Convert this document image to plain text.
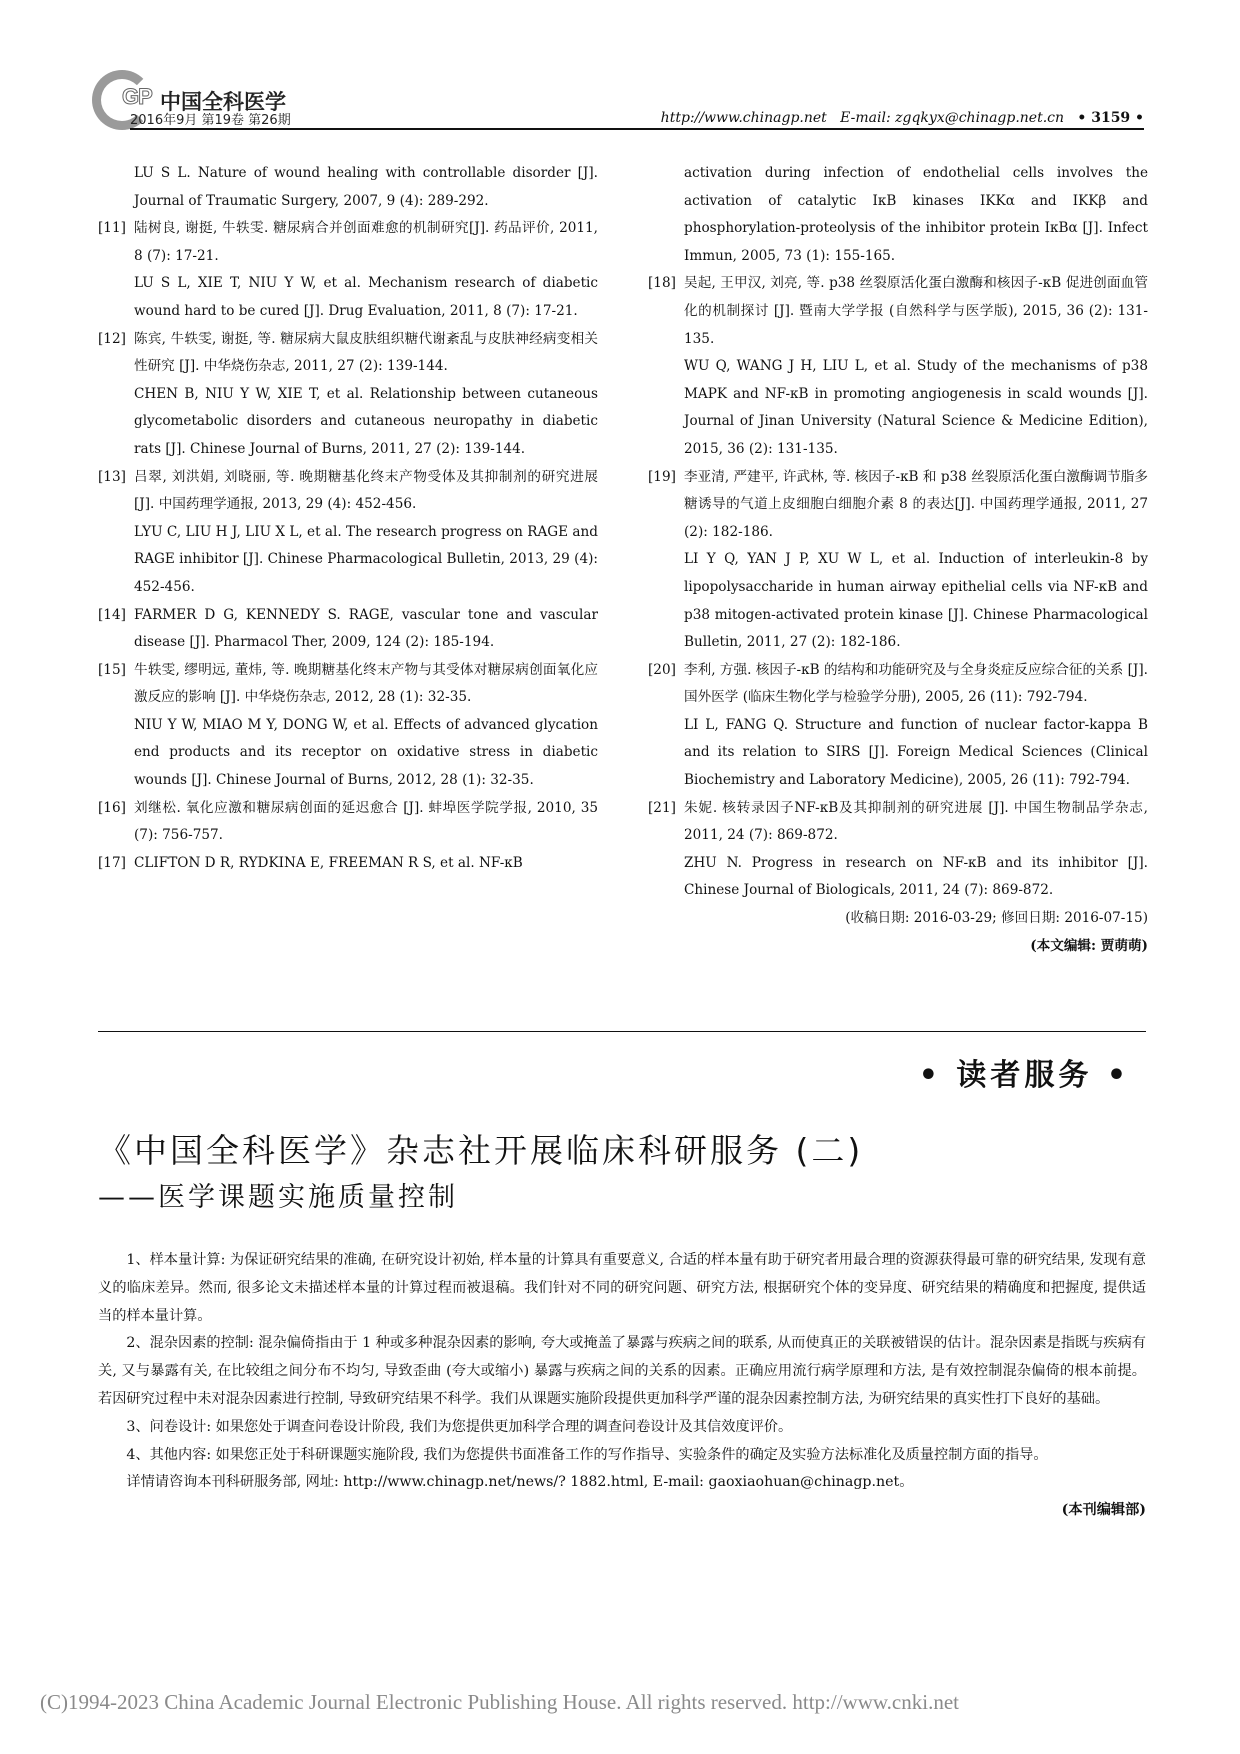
GP 中国全科医学
2016年9月 第19卷 第26期	http://www.chinagp.net E-mail: zgqkyx@chinagp.net.cn • 3159 •

LU S L. Nature of wound healing with controllable disorder [J]. Journal of Traumatic Surgery, 2007, 9 (4): 289-292.

[11] 陆树良, 谢挺, 牛轶雯. 糖尿病合并创面难愈的机制研究[J]. 药品评价, 2011, 8 (7): 17-21.

LU S L, XIE T, NIU Y W, et al. Mechanism research of diabetic wound hard to be cured [J]. Drug Evaluation, 2011, 8 (7): 17-21.

[12] 陈宾, 牛轶雯, 谢挺, 等. 糖尿病大鼠皮肤组织糖代谢紊乱与皮肤神经病变相关性研究 [J]. 中华烧伤杂志, 2011, 27 (2): 139-144.

CHEN B, NIU Y W, XIE T, et al. Relationship between cutaneous glycometabolic disorders and cutaneous neuropathy in diabetic rats [J]. Chinese Journal of Burns, 2011, 27 (2): 139-144.

[13] 吕翠, 刘洪娟, 刘晓丽, 等. 晚期糖基化终末产物受体及其抑制剂的研究进展 [J]. 中国药理学通报, 2013, 29 (4): 452-456.

LYU C, LIU H J, LIU X L, et al. The research progress on RAGE and RAGE inhibitor [J]. Chinese Pharmacological Bulletin, 2013, 29 (4): 452-456.

[14] FARMER D G, KENNEDY S. RAGE, vascular tone and vascular disease [J]. Pharmacol Ther, 2009, 124 (2): 185-194.

[15] 牛轶雯, 缪明远, 董炜, 等. 晚期糖基化终末产物与其受体对糖尿病创面氧化应激反应的影响 [J]. 中华烧伤杂志, 2012, 28 (1): 32-35.

NIU Y W, MIAO M Y, DONG W, et al. Effects of advanced glycation end products and its receptor on oxidative stress in diabetic wounds [J]. Chinese Journal of Burns, 2012, 28 (1): 32-35.

[16] 刘继松. 氧化应激和糖尿病创面的延迟愈合 [J]. 蚌埠医学院学报, 2010, 35 (7): 756-757.

[17] CLIFTON D R, RYDKINA E, FREEMAN R S, et al. NF-κB

activation during infection of endothelial cells involves the activation of catalytic IκB kinases IKKα and IKKβ and phosphorylation-proteolysis of the inhibitor protein IκBα [J]. Infect Immun, 2005, 73 (1): 155-165.

[18] 吴起, 王甲汉, 刘亮, 等. p38 丝裂原活化蛋白激酶和核因子-κB 促进创面血管化的机制探讨 [J]. 暨南大学学报 (自然科学与医学版), 2015, 36 (2): 131-135.

WU Q, WANG J H, LIU L, et al. Study of the mechanisms of p38 MAPK and NF-κB in promoting angiogenesis in scald wounds [J]. Journal of Jinan University (Natural Science & Medicine Edition), 2015, 36 (2): 131-135.

[19] 李亚清, 严建平, 许武林, 等. 核因子-κB 和 p38 丝裂原活化蛋白激酶调节脂多糖诱导的气道上皮细胞白细胞介素 8 的表达[J]. 中国药理学通报, 2011, 27 (2): 182-186.

LI Y Q, YAN J P, XU W L, et al. Induction of interleukin-8 by lipopolysaccharide in human airway epithelial cells via NF-κB and p38 mitogen-activated protein kinase [J]. Chinese Pharmacological Bulletin, 2011, 27 (2): 182-186.

[20] 李利, 方强. 核因子-κB 的结构和功能研究及与全身炎症反应综合征的关系 [J]. 国外医学 (临床生物化学与检验学分册), 2005, 26 (11): 792-794.

LI L, FANG Q. Structure and function of nuclear factor-kappa B and its relation to SIRS [J]. Foreign Medical Sciences (Clinical Biochemistry and Laboratory Medicine), 2005, 26 (11): 792-794.

[21] 朱妮. 核转录因子NF-κB及其抑制剂的研究进展 [J]. 中国生物制品学杂志, 2011, 24 (7): 869-872.

ZHU N. Progress in research on NF-κB and its inhibitor [J]. Chinese Journal of Biologicals, 2011, 24 (7): 869-872.

(收稿日期: 2016-03-29; 修回日期: 2016-07-15)
(本文编辑: 贾萌萌)
• 读者服务 •
《中国全科医学》杂志社开展临床科研服务 (二)
——医学课题实施质量控制

1、样本量计算: 为保证研究结果的准确, 在研究设计初始, 样本量的计算具有重要意义, 合适的样本量有助于研究者用最合理的资源获得最可靠的研究结果, 发现有意义的临床差异。然而, 很多论文未描述样本量的计算过程而被退稿。我们针对不同的研究问题、研究方法, 根据研究个体的变异度、研究结果的精确度和把握度, 提供适当的样本量计算。

2、混杂因素的控制: 混杂偏倚指由于 1 种或多种混杂因素的影响, 夸大或掩盖了暴露与疾病之间的联系, 从而使真正的关联被错误的估计。混杂因素是指既与疾病有关, 又与暴露有关, 在比较组之间分布不均匀, 导致歪曲 (夸大或缩小) 暴露与疾病之间的关系的因素。正确应用流行病学原理和方法, 是有效控制混杂偏倚的根本前提。若因研究过程中未对混杂因素进行控制, 导致研究结果不科学。我们从课题实施阶段提供更加科学严谨的混杂因素控制方法, 为研究结果的真实性打下良好的基础。

3、问卷设计: 如果您处于调查问卷设计阶段, 我们为您提供更加科学合理的调查问卷设计及其信效度评价。

4、其他内容: 如果您正处于科研课题实施阶段, 我们为您提供书面准备工作的写作指导、实验条件的确定及实验方法标准化及质量控制方面的指导。

详情请咨询本刊科研服务部, 网址: http://www.chinagp.net/news/? 1882.html, E-mail: gaoxiaohuan@chinagp.net。

(本刊编辑部)

(C)1994-2023 China Academic Journal Electronic Publishing House. All rights reserved. http://www.cnki.net
